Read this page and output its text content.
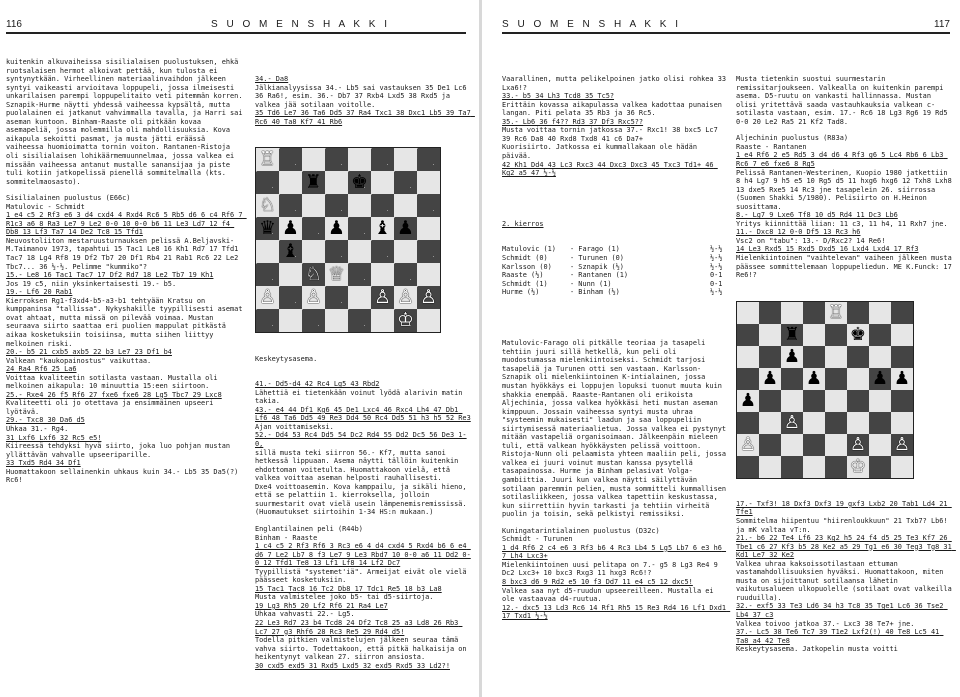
116	S U O M E N S H A K K I

kuitenkin alkuvaiheissa sisilialaisen puolustuksen, ehkä ruotsalaisen hermot alkoivat pettää, kun tulosta ei syntynytkään. Virheellinen materiaalinvaihdon jälkeen syntyi vaikeasti arvioitava loppupeli, jossa ilmeisesti unkarilaisen parempi loppupelitaito veti pitemmän korren. Sznapik-Hurme näytti yhdessä vaiheessa kypsältä, mutta puolalainen ei jatkanut vahvimmalla tavalla, ja Harri sai aseman kuntoon. Binham-Raaste oli pitkään kovaa asemapeliä, jossa molemmilla oli mahdollisuuksia. Kova aikapula sekoitti pasmat, ja musta jätti eräässä vaiheessa huomioimatta tornin voiton. Rantanen-Ristoja oli sisilialaisen lohikäärmemuunnelmaa, jossa valkea ei missään vaiheessa antanut mustalle sanansijaa ja piste tuli kotiin jatkopelissä pienellä sommitelmalla (kts. sommitelmaosasto).

Sisilialainen puolustus (E66c)

Matulovic - Schmidt

1 e4 c5 2 Rf3 e6 3 d4 cxd4 4 Rxd4 Rc6 5 Rb5 d6 6 c4 Rf6 7 R1c3 a6 8 Ra3 Le7 9 Le2 0-0 10 0-0 b6 11 Le3 Ld7 12 f4 Db8 13 Lf3 Ta7 14 De2 Tc8 15 Tfd1

Neuvostoliiton mestaruusturnauksen pelissä A.Beljavski-M.Taimanov 1973, tapahtui 15 Tac1 Le8 16 Kh1 Rd7 17 Tfd1 Tac7 18 Lg4 Rf8 19 Df2 Tb7 20 Df1 Rb4 21 Rab1 Rc6 22 Le2 Tbc7... 36 ½-½. Pelimme "kummiko"?

15.- Le8 16 Tac1 Tac7 17 Df2 Rd7 18 Le2 Tb7 19 Kh1

Jos 19 c5, niin yksinkertaisesti 19.- b5.

19.- Lf6 20 Rab1

Kierroksen Rg1-f3xd4-b5-a3-b1 tehtyään Kratsu on kumppaninsa "tallissa". Nykyshakille tyypillisesti asemat ovat ahtaat, mutta missä on pilevää voimaa. Mustan seuraava siirto saattaa eri puolien mappulat pitkästä aikaa kosketuksiin toisiinsa, mutta siihen liittyy melkoinen riski.

20.- b5 21 cxb5 axb5 22 b3 Le7 23 Df1 b4

Valkean "kaukopainostus" vaikuttaa.

24 Ra4 Rf6 25 La6

Voittaa kvaliteetin sotilasta vastaan. Mustalla oli melkoinen aikapula: 10 minuuttia 15:een siirtoon.

25.- Rxe4 26 f5 Rf6 27 fxe6 fxe6 28 Lg5 Tbc7 29 Lxc8

Kvaliteetti oli jo otettava ja ensimmäinen upseeri lyötävä.

29.- Txc8 30 Da6 d5

Uhkaa 31.- Rg4.

31 Lxf6 Lxf6 32 Rc5 e5!

Kiireessä tehdyksi hyvä siirto, joka luo pohjan mustan yllättävän vahvalle upseeriparille.

33 Txd5 Rd4 34 Df1

Huomattakoon sellainenkin uhkaus kuin 34.- Lb5 35 Da5(?) Rc6!

34.- Da8

Jälkianalyysissa 34.- Lb5 sai vastauksen 35 De1 Lc6 36 Ra6!, esim. 36.- Db7 37 Rxb4 Lxd5 38 Rxd5 ja valkea jää sotilaan voitolle.

35 Td6 Le7 36 Ta6 Dd5 37 Ra4 Txc1 38 Dxc1 Lb5 39 Ta7 Rc6 40 Ta8 Kf7 41 Rb6

♖
♜ ♚
♘
♛ ♟ ♟ ♝ ♟
♝
♘ ♕
♙ ♙	♙ ♙ ♙
♔

Keskeytysasema.

41.- Dd5-d4 42 Rc4 Lg5 43 Rbd2

Lähettiä ei tietenkään voinut lyödä alarivin matin takia.

43.- e4 44 Df1 Kg6 45 De1 Lxc4 46 Rxc4 Lh4 47 Db1 Lf6 48 Ta6 Dd5 49 Re3 Dd4 50 Rc4 Dd5 51 h3 h5 52 Re3

Ajan voittamiseksi.

52.- Dd4 53 Rc4 Dd5 54 Dc2 Rd4 55 Dd2 Dc5 56 De3 1-0,

sillä musta teki siirron 56.- Kf7, mutta sanoi hetkessä lippuaan. Asema näytti tällöin kuitenkin ehdottoman voitetulta. Huomattakoon vielä, että valkea voittaa aseman helposti rauhallisesti.

Dxe4 voittoasemin. Kova kamppailu, ja sikäli hieno, että se pelattiin 1. kierroksella, jolloin suurmestarit ovat vielä usein lämpenemisremississä. (Huomautukset siirtoihin 1-34 HS:n mukaan.)

Englantilainen peli (R44b)

Binham - Raaste

1 c4 c5 2 Rf3 Rf6 3 Rc3 e6 4 d4 cxd4 5 Rxd4 b6 6 e4 d6 7 Le2 Lb7 8 f3 Le7 9 Le3 Rbd7 10 0-0 a6 11 Dd2 0-0 12 Tfd1 Te8 13 Lf1 Lf8 14 Lf2 Dc7

Tyypillistä "systemet'iä". Armeijat eivät ole vielä päässeet kosketuksiin.

15 Tac1 Tac8 16 Tc2 Db8 17 Tdc1 Re5 18 b3 La8

Musta valmistelee joko b5- tai d5-siirtoja.

19 Lg3 Rh5 20 Lf2 Rf6 21 Ra4 Le7

Uhkaa vahvasti 22.- Lg5.

22 Le3 Rd7 23 b4 Tcd8 24 Df2 Tc8 25 a3 Ld8 26 Rb3 Lc7 27 g3 Rhf6 28 Rc3 Re5 29 Rd4 d5!

Todella pitkien valmistelujen jälkeen seuraa tämä vahva siirto. Todettakoon, että pitkä halkaisija on heikentynyt valkean 27. siirron ansiosta.

30 cxd5 exd5 31 Rxd5 Lxd5 32 exd5 Rxd5 33 Ld2?!

S U O M E N S H A K K I	117

Vaarallinen, mutta pelikelpoinen jatko olisi rohkea 33 Lxa6!?

33.- b5 34 Lh3 Tcd8 35 Tc5?

Erittäin kovassa aikapulassa valkea kadottaa punaisen langan. Piti pelata 35 Rb3 ja 36 Rc5.

35.- Lb6 36 f4?? Rd3 37 Df3 Rxc5??

Musta voittaa tornin jatkossa 37.- Rxc1! 38 bxc5 Lc7 39 Rc6 Da8 40 Rxd8 Txd8 41 c6 Da7+

Kuorisiirto. Jatkossa ei kummallakaan ole hädän päivää.

42 Kh1 Dd4 43 Lc3 Rxc3 44 Dxc3 Dxc3 45 Txc3 Td1+ 46 Kg2 a5 47 ½-½

2. kierros

Matulovic (1)	- Farago (1)	½-½
Schmidt (0)	- Turunen (0)	½-½
Karlsson (0)	- Sznapik (½)	½-½
Raaste (½)	- Rantanen (1)	0-1
Schmidt (1)	- Nunn (1)	0-1
Hurme (½)	- Binham (½)	½-½

Matulovic-Farago oli pitkälle teoriaa ja tasapeli tehtiin juuri sillä hetkellä, kun peli oli muodostumassa mielenkiintoiseksi. Schmidt tarjosi tasapeliä ja Turunen otti sen vastaan. Karlsson-Sznapik oli mielenkiintoinen K-intialainen, jossa mustan hyökkäys ei loppujen lopuksi tuonut muuta kuin shakkia enempää. Raaste-Rantanen oli erikoista Aljechinia, jossa valkea hyökkäsi heti mustan aseman kimppuun. Jossain vaiheessa syntyi musta uhraa "systeemin mukaisesti" laadun ja saa loppupeliin siirtymisessä materiaalietua. Jossa valkea ei pystynyt mitään vastapeliä organisoimaan. Jälkeenpäin mieleen tuli, että valkean hyökkäysten pelissä voittoon. Ristoja-Nunn oli pelaamista yhteen maaliin peli, jossa valkea ei juuri voinut mustan kanssa pysytellä tasapainossa. Hurme ja Binham pelasivat Volga-gambiittia. Juuri kun valkea näytti säilyttävän sotilaan paremmin pelien, musta sommitteli kummallisen sotilasliikkeen, jossa valkea tapettiin keskustassa, kun siirrettiin hyvin tarkasti ja tehtiin virheitä puolin ja toisin, sekä pelkistyi remissiksi.

Kuningatarintialainen puolustus (D32c)

Schmidt - Turunen

1 d4 Rf6 2 c4 e6 3 Rf3 b6 4 Rc3 Lb4 5 Lg5 Lb7 6 e3 h6 7 Lh4 Lxc3+

Mielenkiintoinen uusi pelitapa on 7.- g5 8 Lg3 Re4 9 Dc2 Lxc3+ 10 bxc3 Rxg3 11 hxg3 Rc6!?

8 bxc3 d6 9 Rd2 e5 10 f3 Dd7 11 e4 c5 12 dxc5!

Valkea saa nyt d5-ruudun upseereilleen. Mustalla ei ole vastaavaa d4-ruutua.

12.- dxc5 13 Ld3 Rc6 14 Rf1 Rh5 15 Re3 Rd4 16 Lf1 Dxd1 17 Txd1 ½-½

Musta tietenkin suostui suurmestarin remissitarjoukseen. Valkealla on kuitenkin parempi asema. D5-ruutu on vankasti hallinnassa. Mustan olisi yritettävä saada vastauhkauksia valkean c-sotilasta vastaan, esim. 17.- Rc6 18 Lg3 Rg6 19 Rd5 0-0 20 Le2 Ra5 21 Kf2 Tad8.

Aljechinin puolustus (R83a)

Raaste - Rantanen

1 e4 Rf6 2 e5 Rd5 3 d4 d6 4 Rf3 g6 5 Lc4 Rb6 6 Lb3 Rc6 7 e6 fxe6 8 Rg5

Pelissä Rantanen-Westerinen, Kuopio 1980 jatkettiin 8 h4 Lg7 9 h5 e5 10 Rg5 d5 11 hxg6 hxg6 12 Txh8 Lxh8 13 dxe5 Rxe5 14 Rc3 jne tasapelein 26. siirrossa (Suomen Shakki 5/1980). Pelisiirto on H.Heinon suosittama.

8.- Lg7 9 Lxe6 Tf8 10 d5 Rd4 11 Dc3 Lb6

Yritys kiinnittää liian: 11 c3, 11 h4, 11 Rxh7 jne.

11.- Dxc8 12 0-0 Df5 13 Rc3 h6

Vsc2 on "tabu": 13.- D/Rxc2? 14 Re6!

14 Le3 Rxd5 15 Rxd5 Dxd5 16 Lxd4 Lxd4 17 Rf3

Mielenkiintoinen "vaihtelevan" vaiheen jälkeen musta päässee sommittelemaan loppupeliedun. ME K.Funck: 17 Re6!?

♖
♜	♚
♟
♟ ♟	♟ ♟
♟
♙
♙	♙ ♙
♔

17.- Txf3! 18 Dxf3 Dxf3 19 gxf3 Lxb2 20 Tab1 Ld4 21 Tfe1

Sommitelma hiipentuu "hiirenloukkuun" 21 Txb7? Lb6! ja mK valtaa vT:n.

21.- b6 22 Te4 Lf6 23 Kg2 h5 24 f4 d5 25 Te3 Kf7 26 Tbe1 c6 27 Kf3 b5 28 Ke2 a5 29 Tg1 e6 30 Teg3 Tg8 31 Kd1 Le7 32 Ke2

Valkea uhraa kaksoissotilastaan ettuman vastamahdollisuuksien hyväksi. Huomattakoon, miten musta on sijoittanut sotilaansa lähetin vaikutusalueen ulkopuolelle (sotilaat ovat valkeilla ruuduilla).

32.- exf5 33 Te3 Ld6 34 h3 Tc8 35 Tge1 Lc6 36 Tse2 Lb4 37 c3

Valkea toivoo jatkoa 37.- Lxc3 38 Te7+ jne.

37.- Lc5 38 Te6 Tc7 39 T1e2 Lxf2(!) 40 Te8 Lc5 41 Ta8 a4 42 Te8

Keskeytysasema. Jatkopelin musta voitti
